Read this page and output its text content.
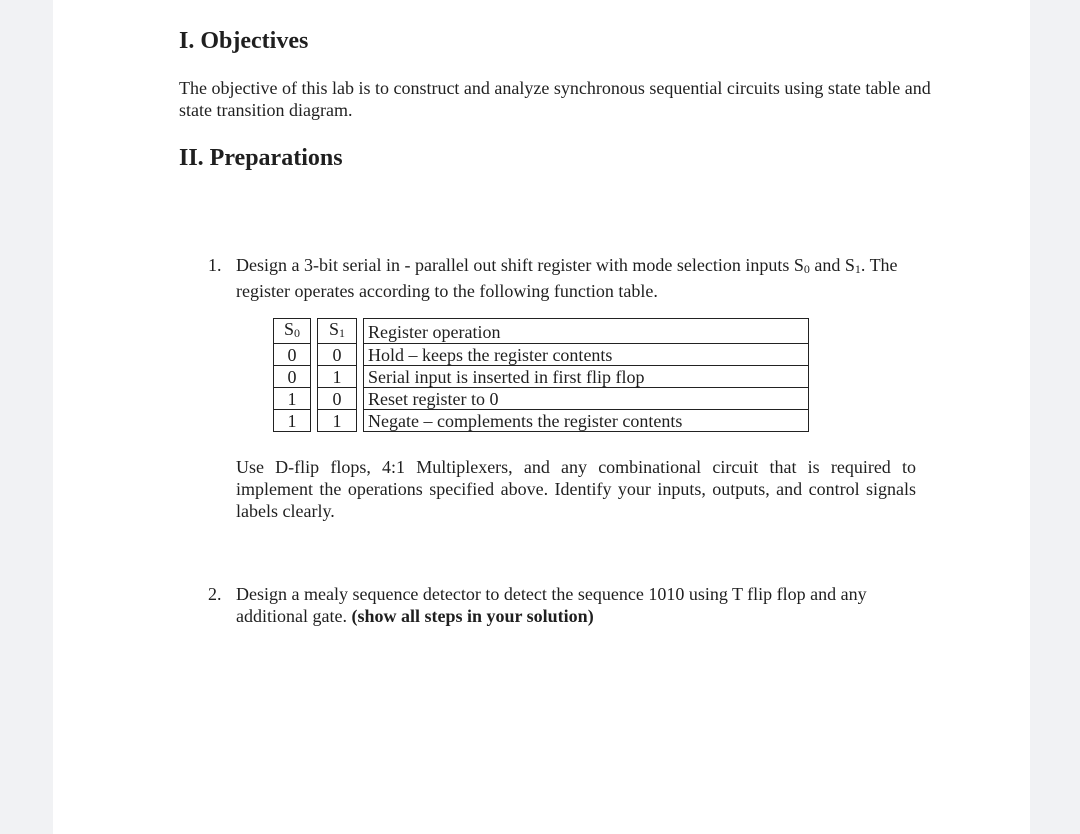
I. Objectives

The objective of this lab is to construct and analyze synchronous sequential circuits using state table and state transition diagram.

II. Preparations

1. Design a 3-bit serial in - parallel out shift register with mode selection inputs $S_0$ and $S_1$. The register operates according to the following function table.

$S_0$		$S_1$		Register operation
0		0		Hold – keeps the register contents
0		1		Serial input is inserted in first flip flop
1		0		Reset register to 0
1		1		Negate – complements the register contents

Use D-flip flops, 4:1 Multiplexers, and any combinational circuit that is required to implement the operations specified above. Identify your inputs, outputs, and control signals labels clearly.

2. Design a mealy sequence detector to detect the sequence 1010 using T flip flop and any additional gate. (show all steps in your solution)
